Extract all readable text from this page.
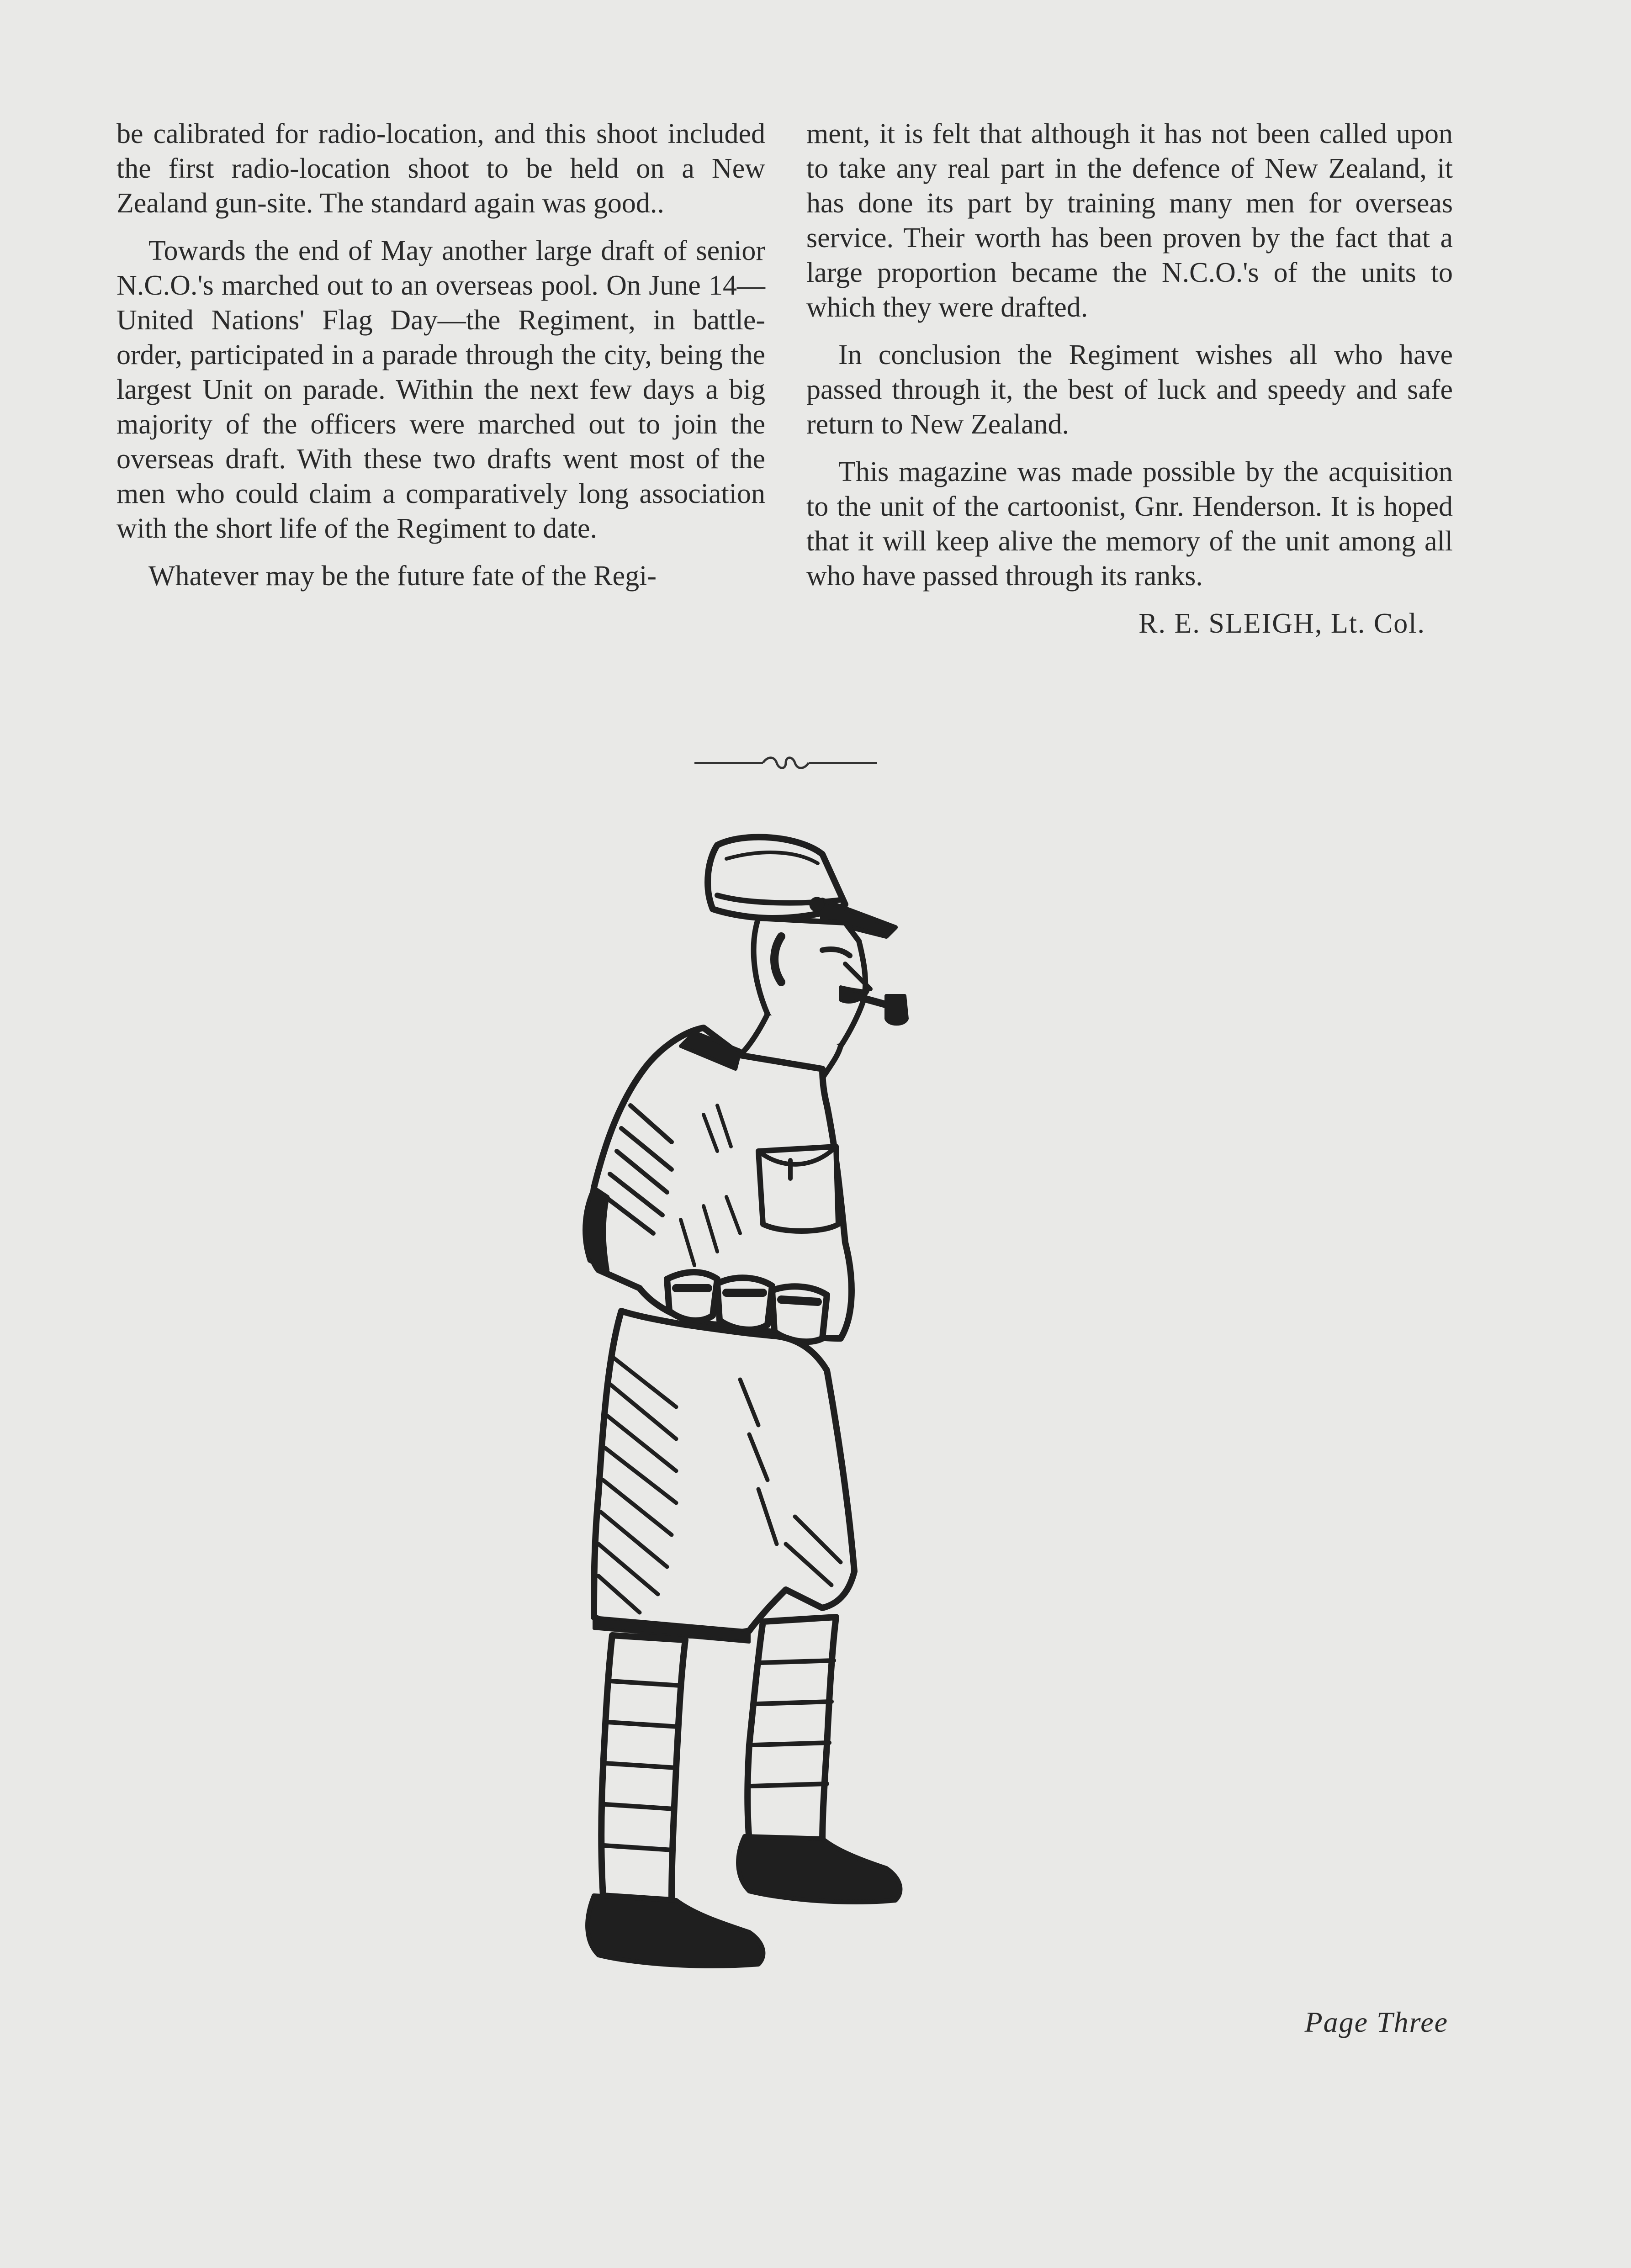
be calibrated for radio-location, and this shoot included the first radio-location shoot to be held on a New Zealand gun-site. The standard again was good..

Towards the end of May another large draft of senior N.C.O.'s marched out to an overseas pool. On June 14—United Nations' Flag Day—the Regiment, in battle-order, participated in a parade through the city, being the largest Unit on parade. Within the next few days a big majority of the officers were marched out to join the overseas draft. With these two drafts went most of the men who could claim a comparatively long association with the short life of the Regiment to date.

Whatever may be the future fate of the Regi-

ment, it is felt that although it has not been called upon to take any real part in the defence of New Zealand, it has done its part by training many men for overseas service. Their worth has been proven by the fact that a large proportion became the N.C.O.'s of the units to which they were drafted.

In conclusion the Regiment wishes all who have passed through it, the best of luck and speedy and safe return to New Zealand.

This magazine was made possible by the acquisition to the unit of the cartoonist, Gnr. Henderson. It is hoped that it will keep alive the memory of the unit among all who have passed through its ranks.

R. E. SLEIGH, Lt. Col.

Page Three
